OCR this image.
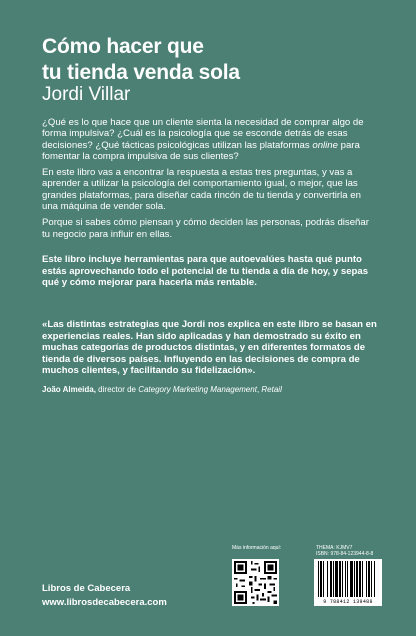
Cómo hacer que
tu tienda venda sola
Jordi Villar

¿Qué es lo que hace que un cliente sienta la necesidad de comprar algo de forma impulsiva? ¿Cuál es la psicología que se esconde detrás de esas decisiones? ¿Qué tácticas psicológicas utilizan las plataformas online para fomentar la compra impulsiva de sus clientes?

En este libro vas a encontrar la respuesta a estas tres preguntas, y vas a aprender a utilizar la psicología del comportamiento igual, o mejor, que las grandes plataformas, para diseñar cada rincón de tu tienda y convertirla en una máquina de vender sola.

Porque si sabes cómo piensan y cómo deciden las personas, podrás diseñar tu negocio para influir en ellas.

Este libro incluye herramientas para que autoevalúes hasta qué punto estás aprovechando todo el potencial de tu tienda a día de hoy, y sepas qué y cómo mejorar para hacerla más rentable.

«Las distintas estrategias que Jordi nos explica en este libro se basan en experiencias reales. Han sido aplicadas y han demostrado su éxito en muchas categorías de productos distintas, y en diferentes formatos de tienda de diversos países. Influyendo en las decisiones de compra de muchos clientes, y facilitando su fidelización».

João Almeida, director de Category Marketing Management, Retail

Libros de Cabecera
www.librosdecabecera.com
Más información aquí:	THEMA: KJMV7
ISBN: 978-84-123944-8-8
9 788412 139488
